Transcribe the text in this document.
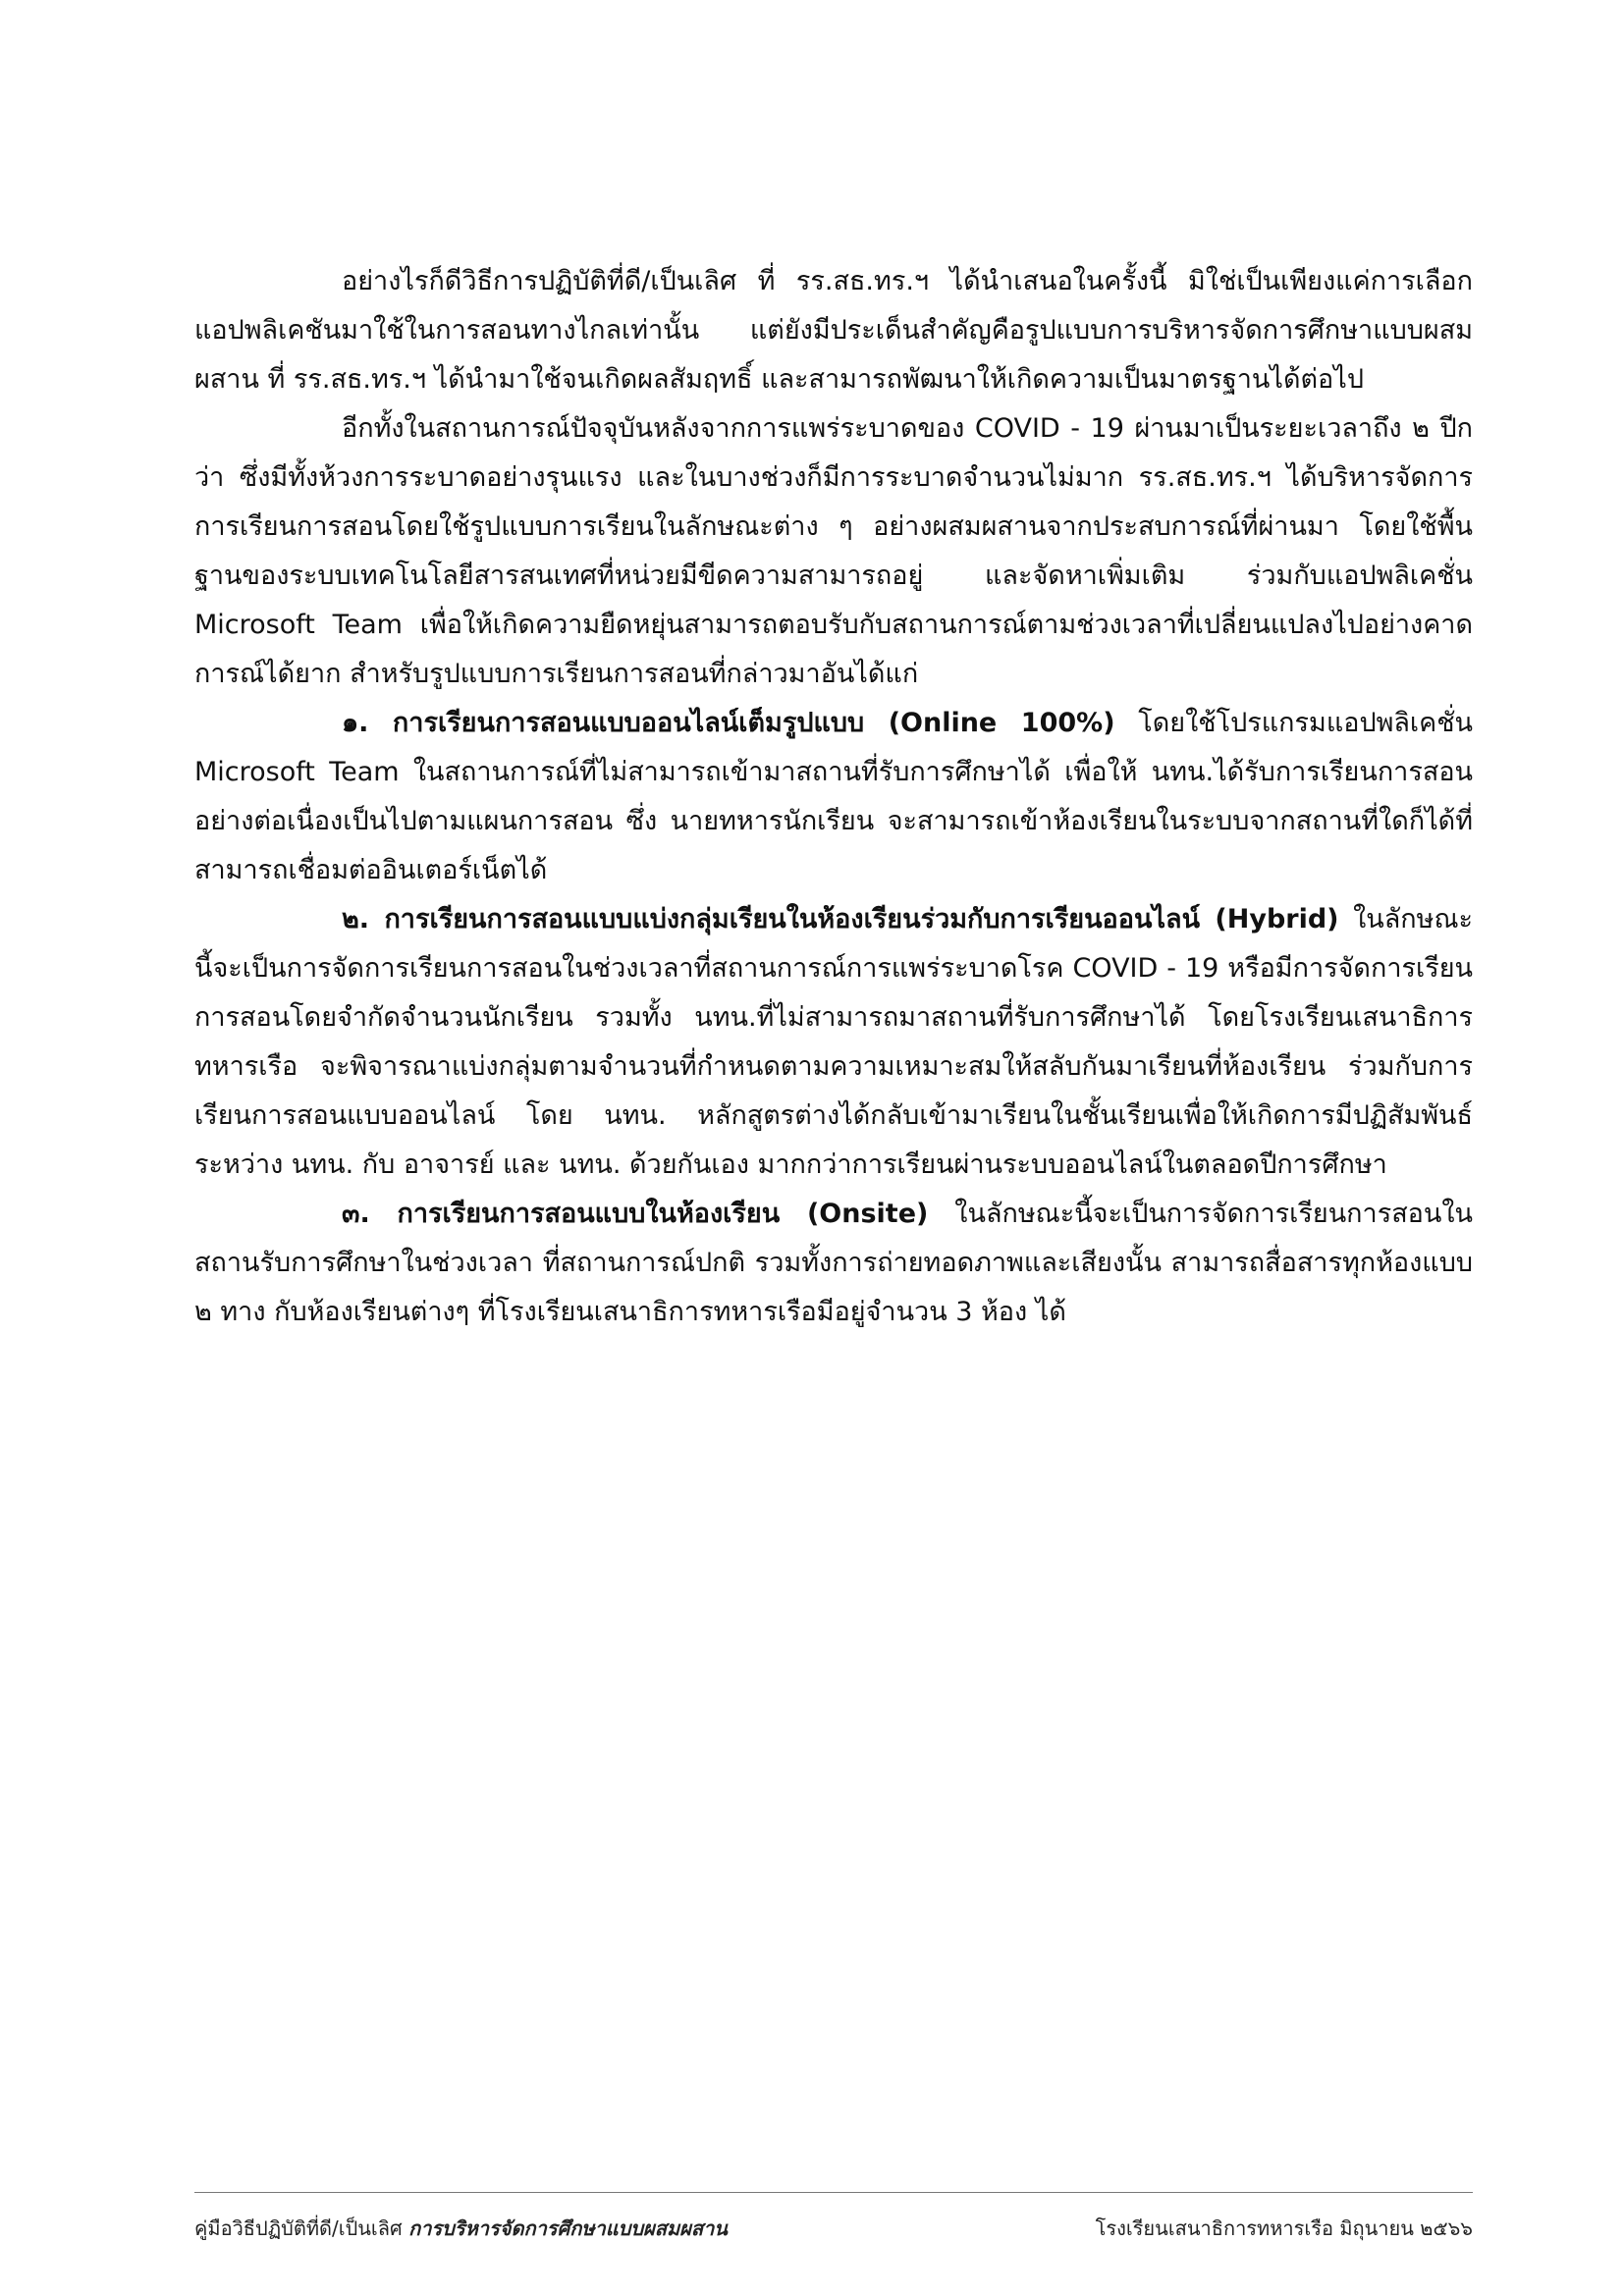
อย่างไรก็ดีวิธีการปฏิบัติที่ดี/เป็นเลิศ ที่ รร.สธ.ทร.ฯ ได้นำเสนอในครั้งนี้ มิใช่เป็นเพียงแค่การเลือกแอปพลิเคชันมาใช้ในการสอนทางไกลเท่านั้น แต่ยังมีประเด็นสำคัญคือรูปแบบการบริหารจัดการศึกษาแบบผสมผสาน ที่ รร.สธ.ทร.ฯ ได้นำมาใช้จนเกิดผลสัมฤทธิ์ และสามารถพัฒนาให้เกิดความเป็นมาตรฐานได้ต่อไป

อีกทั้งในสถานการณ์ปัจจุบันหลังจากการแพร่ระบาดของ COVID - 19 ผ่านมาเป็นระยะเวลาถึง ๒ ปีกว่า ซึ่งมีทั้งห้วงการระบาดอย่างรุนแรง และในบางช่วงก็มีการระบาดจำนวนไม่มาก รร.สธ.ทร.ฯ ได้บริหารจัดการการเรียนการสอนโดยใช้รูปแบบการเรียนในลักษณะต่าง ๆ อย่างผสมผสานจากประสบการณ์ที่ผ่านมา โดยใช้พื้นฐานของระบบเทคโนโลยีสารสนเทศที่หน่วยมีขีดความสามารถอยู่ และจัดหาเพิ่มเติม ร่วมกับแอปพลิเคชั่น Microsoft Team เพื่อให้เกิดความยืดหยุ่นสามารถตอบรับกับสถานการณ์ตามช่วงเวลาที่เปลี่ยนแปลงไปอย่างคาดการณ์ได้ยาก สำหรับรูปแบบการเรียนการสอนที่กล่าวมาอันได้แก่

๑. การเรียนการสอนแบบออนไลน์เต็มรูปแบบ (Online 100%) โดยใช้โปรแกรมแอปพลิเคชั่น Microsoft Team ในสถานการณ์ที่ไม่สามารถเข้ามาสถานที่รับการศึกษาได้ เพื่อให้ นทน.ได้รับการเรียนการสอนอย่างต่อเนื่องเป็นไปตามแผนการสอน ซึ่ง นายทหารนักเรียน จะสามารถเข้าห้องเรียนในระบบจากสถานที่ใดก็ได้ที่สามารถเชื่อมต่ออินเตอร์เน็ตได้

๒. การเรียนการสอนแบบแบ่งกลุ่มเรียนในห้องเรียนร่วมกับการเรียนออนไลน์ (Hybrid) ในลักษณะนี้จะเป็นการจัดการเรียนการสอนในช่วงเวลาที่สถานการณ์การแพร่ระบาดโรค COVID - 19 หรือมีการจัดการเรียนการสอนโดยจำกัดจำนวนนักเรียน รวมทั้ง นทน.ที่ไม่สามารถมาสถานที่รับการศึกษาได้ โดยโรงเรียนเสนาธิการทหารเรือ จะพิจารณาแบ่งกลุ่มตามจำนวนที่กำหนดตามความเหมาะสมให้สลับกันมาเรียนที่ห้องเรียน ร่วมกับการเรียนการสอนแบบออนไลน์ โดย นทน. หลักสูตรต่างได้กลับเข้ามาเรียนในชั้นเรียนเพื่อให้เกิดการมีปฏิสัมพันธ์ระหว่าง นทน. กับ อาจารย์ และ นทน. ด้วยกันเอง มากกว่าการเรียนผ่านระบบออนไลน์ในตลอดปีการศึกษา

๓. การเรียนการสอนแบบในห้องเรียน (Onsite) ในลักษณะนี้จะเป็นการจัดการเรียนการสอนในสถานรับการศึกษาในช่วงเวลา ที่สถานการณ์ปกติ รวมทั้งการถ่ายทอดภาพและเสียงนั้น สามารถสื่อสารทุกห้องแบบ ๒ ทาง กับห้องเรียนต่างๆ ที่โรงเรียนเสนาธิการทหารเรือมีอยู่จำนวน 3 ห้อง ได้

คู่มือวิธีปฏิบัติที่ดี/เป็นเลิศ การบริหารจัดการศึกษาแบบผสมผสาน	โรงเรียนเสนาธิการทหารเรือ มิถุนายน ๒๕๖๖
